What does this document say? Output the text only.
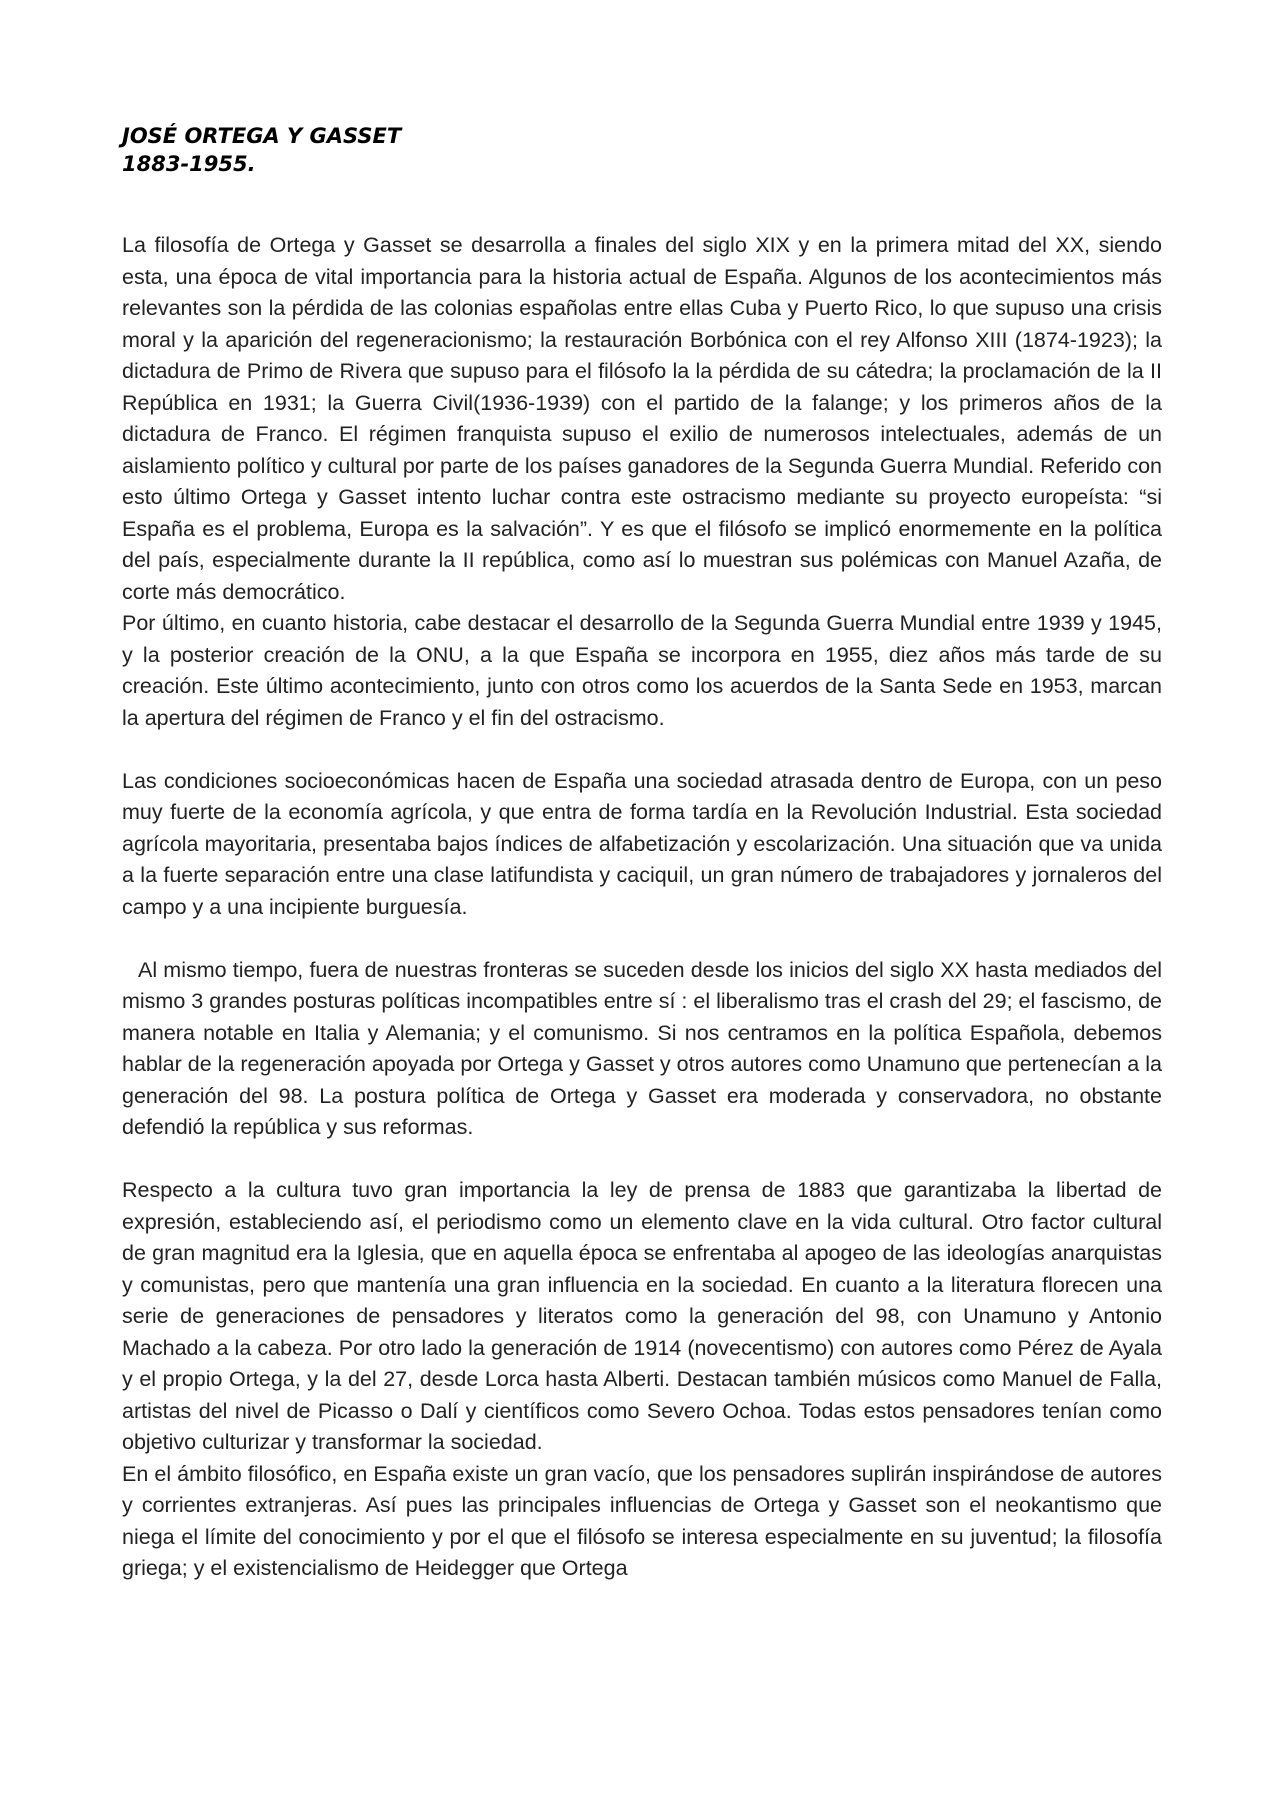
JOSÉ ORTEGA Y GASSET
1883-1955.

La filosofía de Ortega y Gasset se desarrolla a finales del siglo XIX y en la primera mitad del XX, siendo esta, una época de vital importancia para la historia actual de España. Algunos de los acontecimientos más relevantes son la pérdida de las colonias españolas entre ellas Cuba y Puerto Rico, lo que supuso una crisis moral y la aparición del regeneracionismo; la restauración Borbónica con el rey Alfonso XIII (1874-1923); la dictadura de Primo de Rivera que supuso para el filósofo la la pérdida de su cátedra; la proclamación de la II República en 1931; la Guerra Civil(1936-1939) con el partido de la falange; y los primeros años de la dictadura de Franco. El régimen franquista supuso el exilio de numerosos intelectuales, además de un aislamiento político y cultural por parte de los países ganadores de la Segunda Guerra Mundial. Referido con esto último Ortega y Gasset intento luchar contra este ostracismo mediante su proyecto europeísta: “si España es el problema, Europa es la salvación”. Y es que el filósofo se implicó enormemente en la política del país, especialmente durante la II república, como así lo muestran sus polémicas con Manuel Azaña, de corte más democrático.

Por último, en cuanto historia, cabe destacar el desarrollo de la Segunda Guerra Mundial entre 1939 y 1945, y la posterior creación de la ONU, a la que España se incorpora en 1955, diez años más tarde de su creación. Este último acontecimiento, junto con otros como los acuerdos de la Santa Sede en 1953, marcan la apertura del régimen de Franco y el fin del ostracismo.

Las condiciones socioeconómicas hacen de España una sociedad atrasada dentro de Europa, con un peso muy fuerte de la economía agrícola, y que entra de forma tardía en la Revolución Industrial. Esta sociedad agrícola mayoritaria, presentaba bajos índices de alfabetización y escolarización. Una situación que va unida a la fuerte separación entre una clase latifundista y caciquil, un gran número de trabajadores y jornaleros del campo y a una incipiente burguesía.

Al mismo tiempo, fuera de nuestras fronteras se suceden desde los inicios del siglo XX hasta mediados del mismo 3 grandes posturas políticas incompatibles entre sí : el liberalismo tras el crash del 29; el fascismo, de manera notable en Italia y Alemania; y el comunismo. Si nos centramos en la política Española, debemos hablar de la regeneración apoyada por Ortega y Gasset y otros autores como Unamuno que pertenecían a la generación del 98. La postura política de Ortega y Gasset era moderada y conservadora, no obstante defendió la república y sus reformas.

Respecto a la cultura tuvo gran importancia la ley de prensa de 1883 que garantizaba la libertad de expresión, estableciendo así, el periodismo como un elemento clave en la vida cultural. Otro factor cultural de gran magnitud era la Iglesia, que en aquella época se enfrentaba al apogeo de las ideologías anarquistas y comunistas, pero que mantenía una gran influencia en la sociedad. En cuanto a la literatura florecen una serie de generaciones de pensadores y literatos como la generación del 98, con Unamuno y Antonio Machado a la cabeza. Por otro lado la generación de 1914 (novecentismo) con autores como Pérez de Ayala y el propio Ortega, y la del 27, desde Lorca hasta Alberti. Destacan también músicos como Manuel de Falla, artistas del nivel de Picasso o Dalí y científicos como Severo Ochoa. Todas estos pensadores tenían como objetivo culturizar y transformar la sociedad.

En el ámbito filosófico, en España existe un gran vacío, que los pensadores suplirán inspirándose de autores y corrientes extranjeras. Así pues las principales influencias de Ortega y Gasset son el neokantismo que niega el límite del conocimiento y por el que el filósofo se interesa especialmente en su juventud; la filosofía griega; y el existencialismo de Heidegger que Ortega
